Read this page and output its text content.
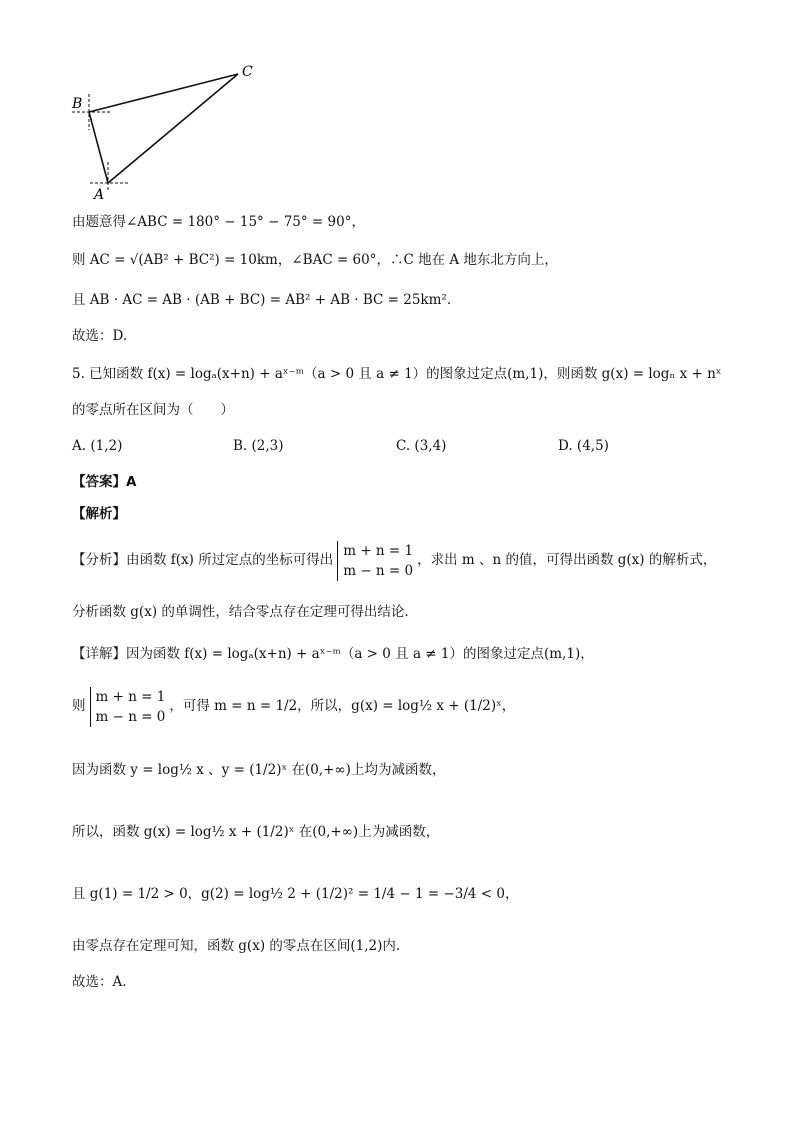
B
C
A
由题意得∠ABC = 180° − 15° − 75° = 90°，
则 AC = √(AB² + BC²) = 10km，∠BAC = 60°，∴C 地在 A 地东北方向上，
且 AB · AC = AB · (AB + BC) = AB² + AB · BC = 25km².
故选：D.
5. 已知函数 f(x) = logₐ(x+n) + aˣ⁻ᵐ（a > 0 且 a ≠ 1）的图象过定点(m,1)，则函数 g(x) = logₙ x + nˣ
的零点所在区间为（　　）
A. (1,2)	B. (2,3)	C. (3,4)	D. (4,5)
【答案】A
【解析】
【分析】由函数 f(x) 所过定点的坐标可得出
m + n = 1
m − n = 0
，求出 m 、n 的值，可得出函数 g(x) 的解析式，
分析函数 g(x) 的单调性，结合零点存在定理可得出结论.
【详解】因为函数 f(x) = logₐ(x+n) + aˣ⁻ᵐ（a > 0 且 a ≠ 1）的图象过定点(m,1)，
则
m + n = 1
m − n = 0
，可得 m = n = 1/2，所以，g(x) = log½ x + (1/2)ˣ，
因为函数 y = log½ x 、y = (1/2)ˣ 在(0,+∞)上均为减函数，
所以，函数 g(x) = log½ x + (1/2)ˣ 在(0,+∞)上为减函数，
且 g(1) = 1/2 > 0，g(2) = log½ 2 + (1/2)² = 1/4 − 1 = −3/4 < 0，
由零点存在定理可知，函数 g(x) 的零点在区间(1,2)内.
故选：A.
